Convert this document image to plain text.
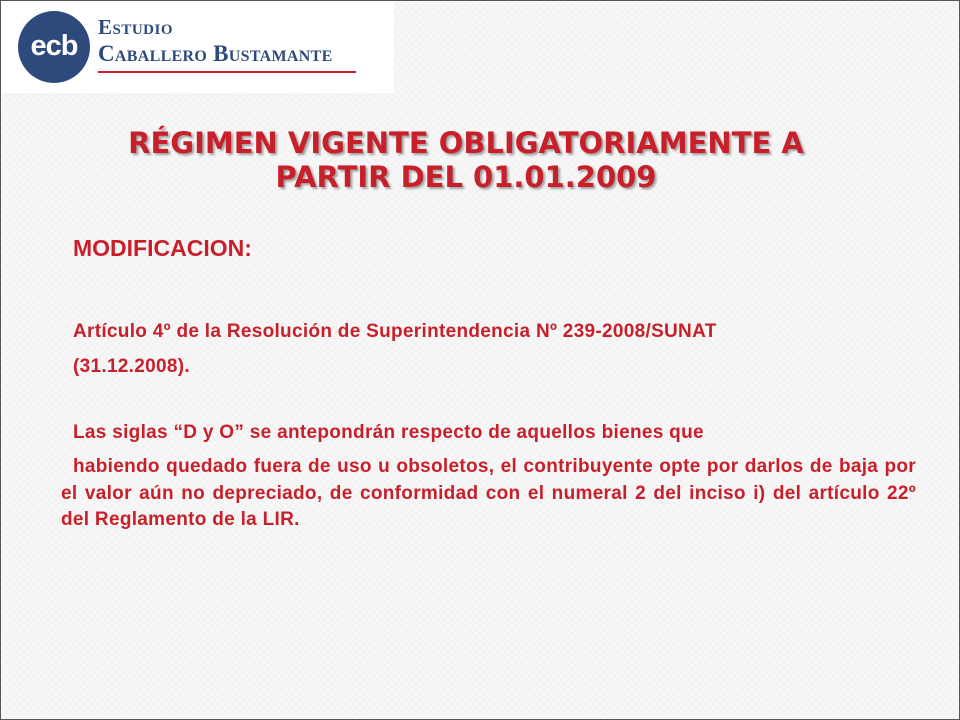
ecb
Estudio
Caballero Bustamante
RÉGIMEN VIGENTE OBLIGATORIAMENTE A
PARTIR DEL 01.01.2009
MODIFICACION:
Artículo 4º de la Resolución de Superintendencia Nº 239-2008/SUNAT
(31.12.2008).
Las siglas “D y O” se antepondrán respecto de aquellos bienes que
habiendo quedado fuera de uso u obsoletos, el contribuyente opte por darlos de baja por el valor aún no depreciado, de conformidad con el numeral 2 del inciso i) del artículo 22º del Reglamento de la LIR.
